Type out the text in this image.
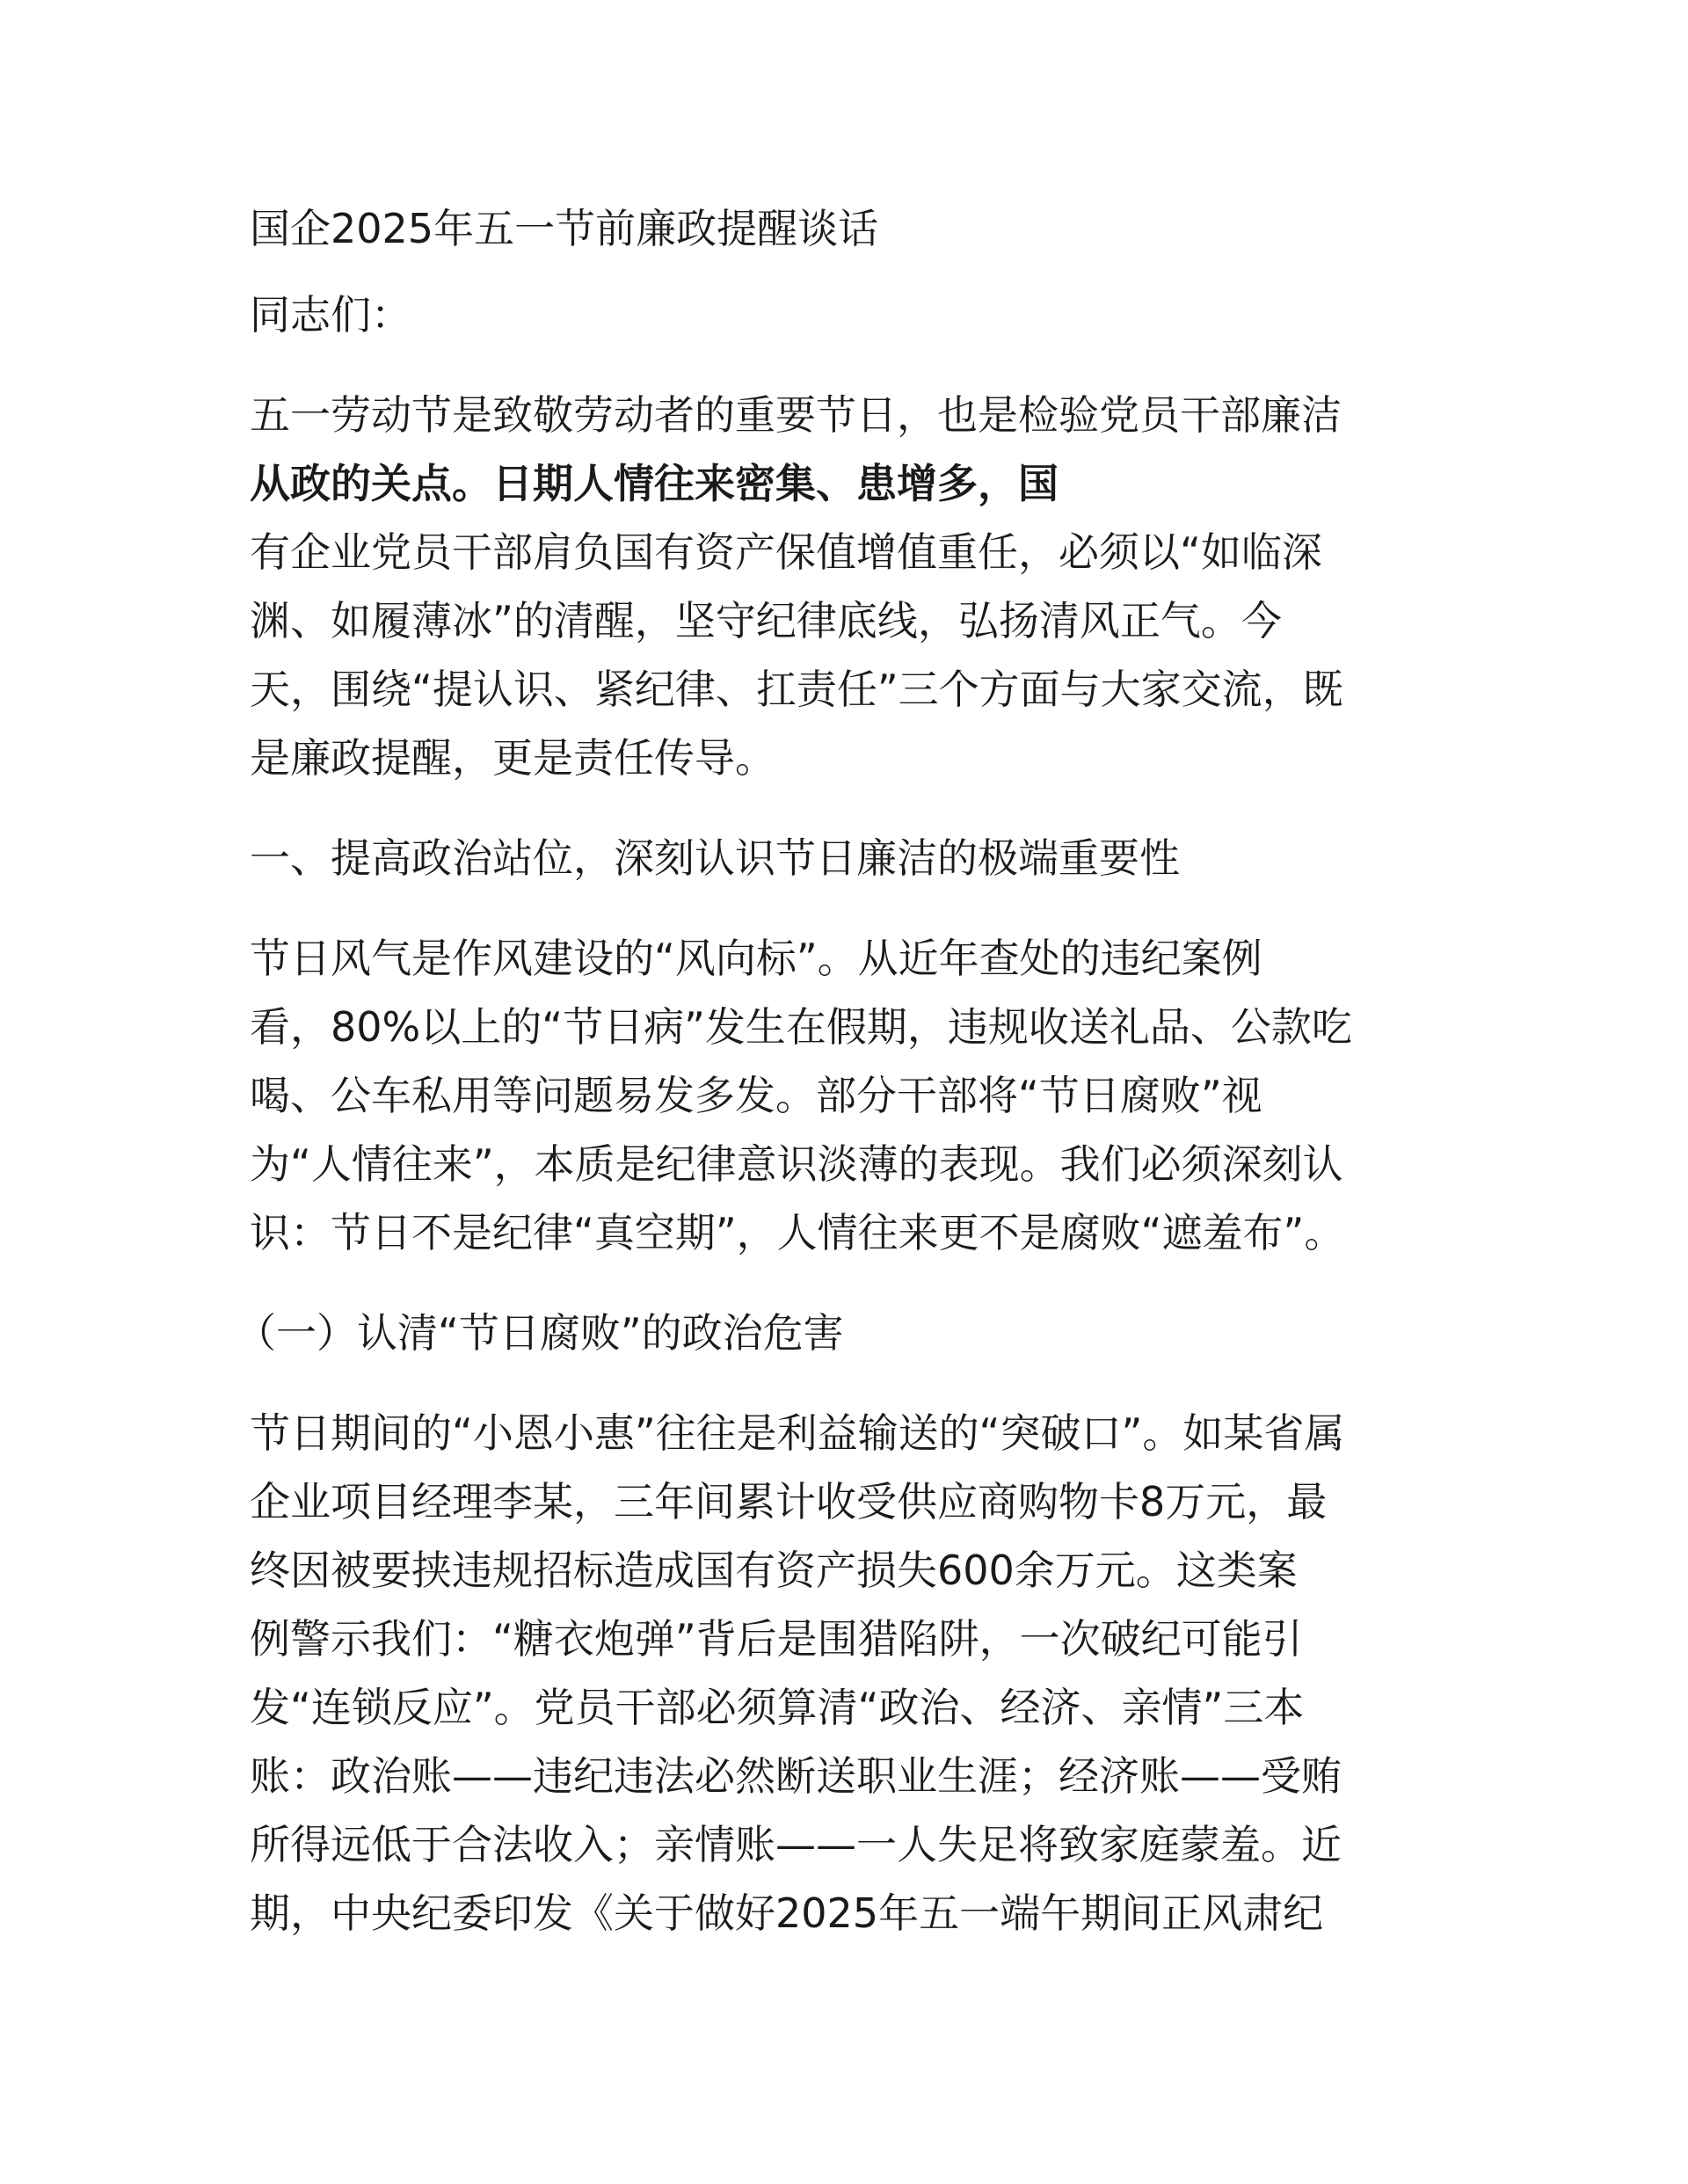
国企2025年五一节前廉政提醒谈话

同志们：

五一劳动节是致敬劳动者的重要节日，也是检验党员干部廉洁

从政的关点。日期人情往来密集、患增多，国

有企业党员干部肩负国有资产保值增值重任，必须以“如临深

渊、如履薄冰”的清醒，坚守纪律底线，弘扬清风正气。今

天，围绕“提认识、紧纪律、扛责任”三个方面与大家交流，既

是廉政提醒，更是责任传导。

一、提高政治站位，深刻认识节日廉洁的极端重要性

节日风气是作风建设的“风向标”。从近年查处的违纪案例

看，80%以上的“节日病”发生在假期，违规收送礼品、公款吃

喝、公车私用等问题易发多发。部分干部将“节日腐败”视

为“人情往来”，本质是纪律意识淡薄的表现。我们必须深刻认

识：节日不是纪律“真空期”，人情往来更不是腐败“遮羞布”。

（一）认清“节日腐败”的政治危害

节日期间的“小恩小惠”往往是利益输送的“突破口”。如某省属

企业项目经理李某，三年间累计收受供应商购物卡8万元，最

终因被要挟违规招标造成国有资产损失600余万元。这类案

例警示我们：“糖衣炮弹”背后是围猎陷阱，一次破纪可能引

发“连锁反应”。党员干部必须算清“政治、经济、亲情”三本

账：政治账——违纪违法必然断送职业生涯；经济账——受贿

所得远低于合法收入；亲情账——一人失足将致家庭蒙羞。近

期，中央纪委印发《关于做好2025年五一端午期间正风肃纪
